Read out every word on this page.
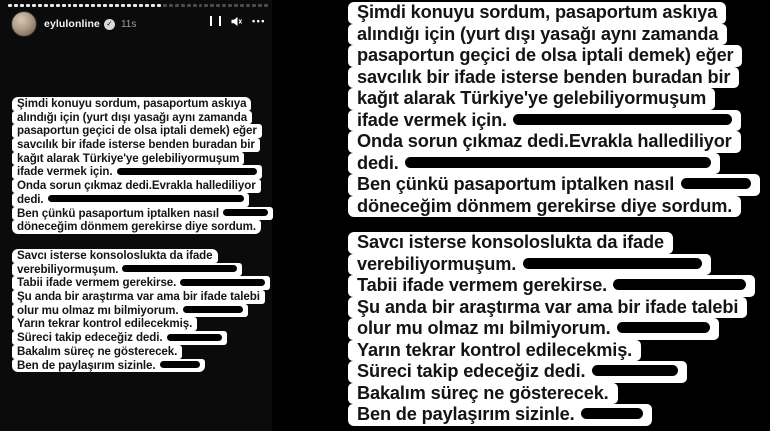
eylulonline ✓ 11s	•••
Şimdi konuyu sordum, pasaportum askıya
alındığı için (yurt dışı yasağı aynı zamanda
pasaportun geçici de olsa iptali demek) eğer
savcılık bir ifade isterse benden buradan bir
kağıt alarak Türkiye'ye gelebiliyormuşum
ifade vermek için.
Onda sorun çıkmaz dedi.Evrakla hallediliyor
dedi.
Ben çünkü pasaportum iptalken nasıl
döneceğim dönmem gerekirse diye sordum.
Savcı isterse konsoloslukta da ifade
verebiliyormuşum.
Tabii ifade vermem gerekirse.
Şu anda bir araştırma var ama bir ifade talebi
olur mu olmaz mı bilmiyorum.
Yarın tekrar kontrol edilecekmiş.
Süreci takip edeceğiz dedi.
Bakalım süreç ne gösterecek.
Ben de paylaşırım sizinle.
Şimdi konuyu sordum, pasaportum askıya
alındığı için (yurt dışı yasağı aynı zamanda
pasaportun geçici de olsa iptali demek) eğer
savcılık bir ifade isterse benden buradan bir
kağıt alarak Türkiye'ye gelebiliyormuşum
ifade vermek için.
Onda sorun çıkmaz dedi.Evrakla hallediliyor
dedi.
Ben çünkü pasaportum iptalken nasıl
döneceğim dönmem gerekirse diye sordum.
Savcı isterse konsoloslukta da ifade
verebiliyormuşum.
Tabii ifade vermem gerekirse.
Şu anda bir araştırma var ama bir ifade talebi
olur mu olmaz mı bilmiyorum.
Yarın tekrar kontrol edilecekmiş.
Süreci takip edeceğiz dedi.
Bakalım süreç ne gösterecek.
Ben de paylaşırım sizinle.
